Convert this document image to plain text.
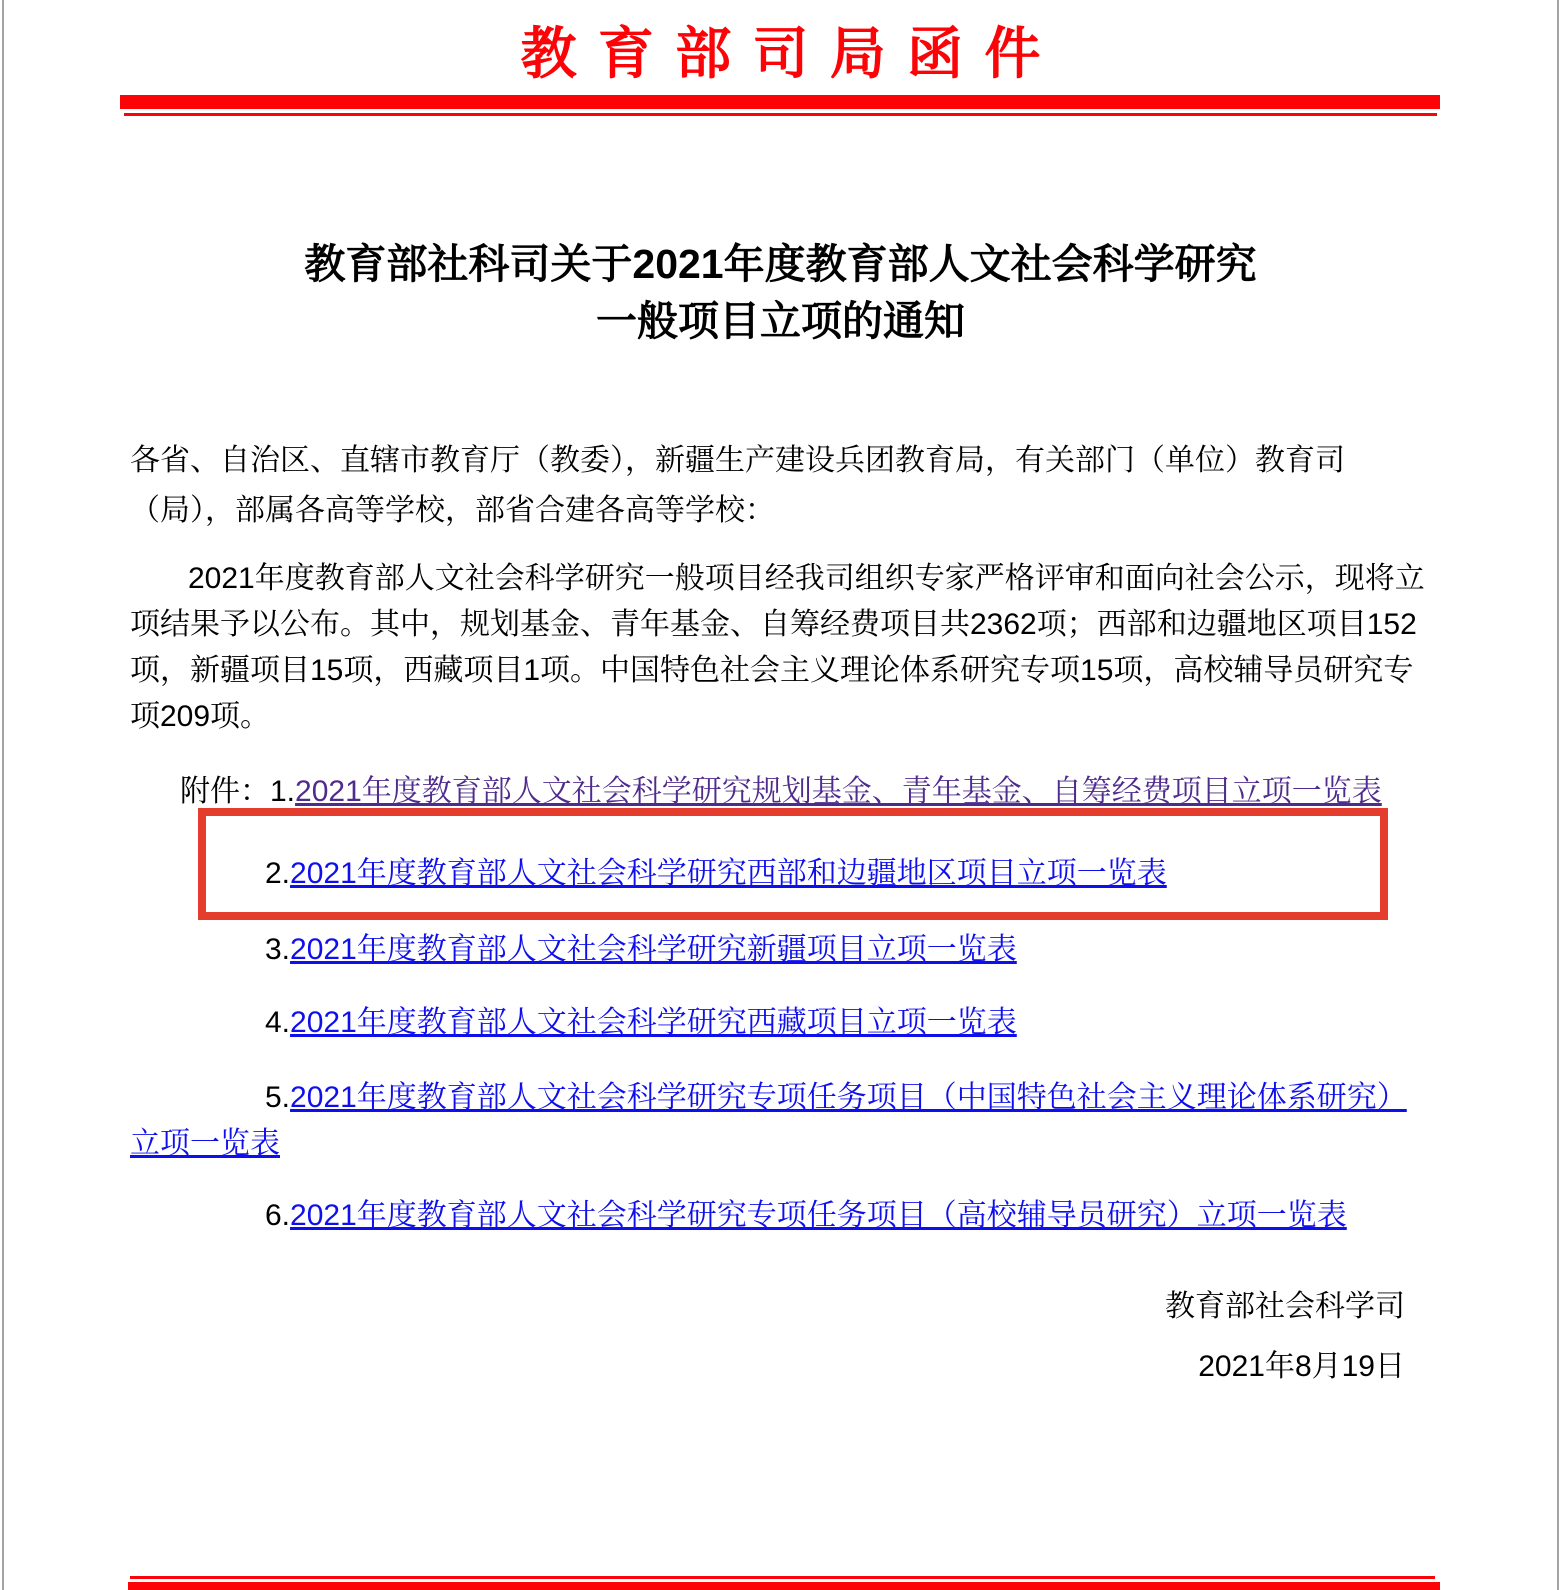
教育部司局函件
教育部社科司关于2021年度教育部人文社会科学研究
一般项目立项的通知
各省、自治区、直辖市教育厅（教委），新疆生产建设兵团教育局，有关部门（单位）教育司（局），部属各高等学校，部省合建各高等学校：
2021年度教育部人文社会科学研究一般项目经我司组织专家严格评审和面向社会公示，现将立项结果予以公布。其中，规划基金、青年基金、自筹经费项目共2362项；西部和边疆地区项目152项，新疆项目15项，西藏项目1项。中国特色社会主义理论体系研究专项15项，高校辅导员研究专项209项。
附件：1.2021年度教育部人文社会科学研究规划基金、青年基金、自筹经费项目立项一览表
2.2021年度教育部人文社会科学研究西部和边疆地区项目立项一览表
3.2021年度教育部人文社会科学研究新疆项目立项一览表
4.2021年度教育部人文社会科学研究西藏项目立项一览表
5.2021年度教育部人文社会科学研究专项任务项目（中国特色社会主义理论体系研究）立项一览表
6.2021年度教育部人文社会科学研究专项任务项目（高校辅导员研究）立项一览表
教育部社会科学司
2021年8月19日
